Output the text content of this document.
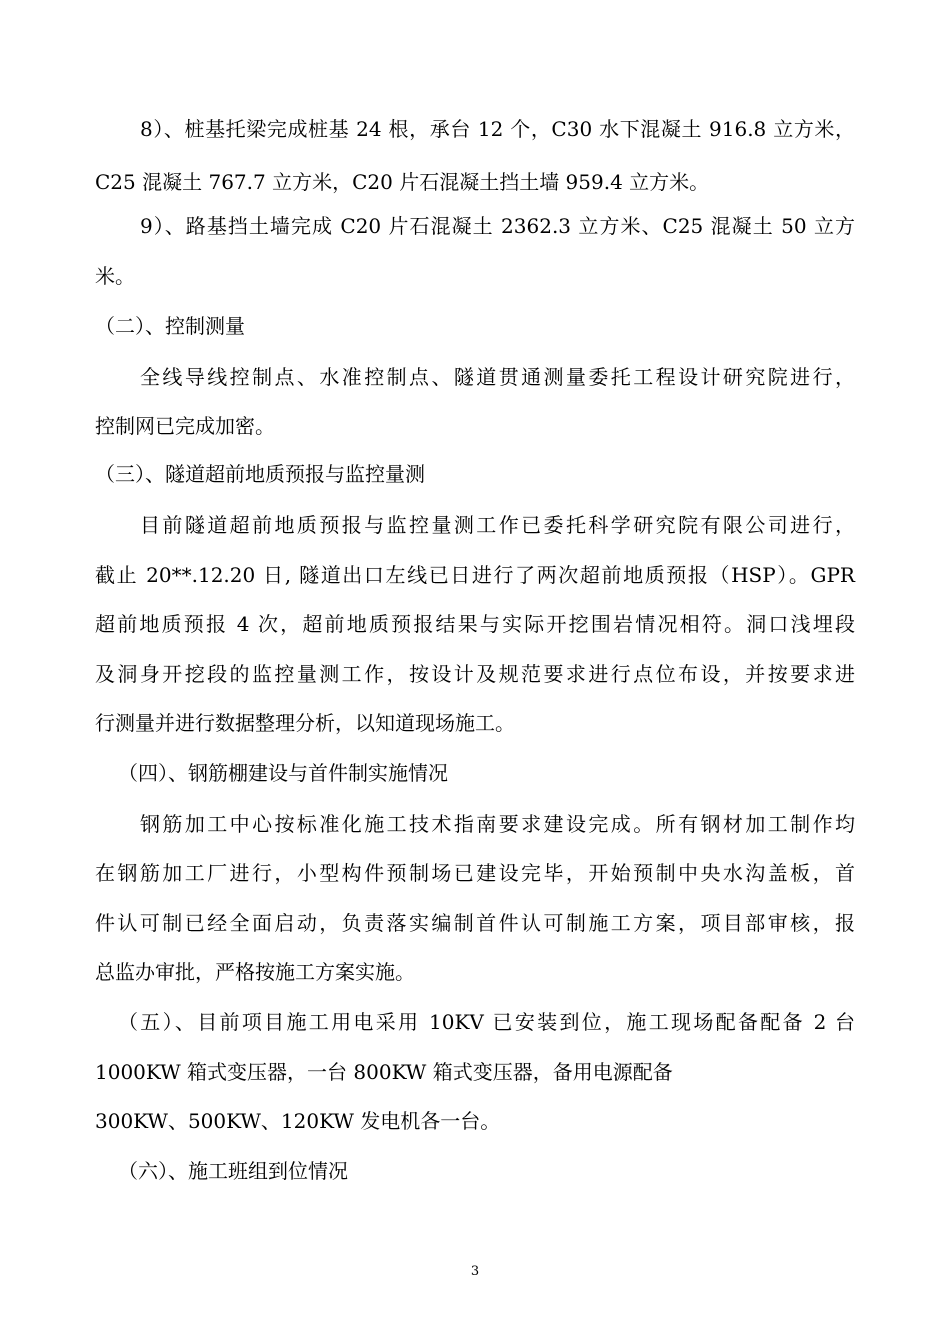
8）、桩基托梁完成桩基 24 根，承台 12 个，C30 水下混凝土 916.8 立方米，
C25 混凝土 767.7 立方米，C20 片石混凝土挡土墙 959.4 立方米。
9）、路基挡土墙完成 C20 片石混凝土 2362.3 立方米、C25 混凝土 50 立方
米。
（二）、控制测量
全线导线控制点、水准控制点、隧道贯通测量委托工程设计研究院进行，
控制网已完成加密。
（三）、隧道超前地质预报与监控量测
目前隧道超前地质预报与监控量测工作已委托科学研究院有限公司进行，
截止 20**.12.20 日, 隧道出口左线已日进行了两次超前地质预报（HSP）。GPR
超前地质预报 4 次，超前地质预报结果与实际开挖围岩情况相符。洞口浅埋段
及洞身开挖段的监控量测工作，按设计及规范要求进行点位布设，并按要求进
行测量并进行数据整理分析，以知道现场施工。
（四）、钢筋棚建设与首件制实施情况
钢筋加工中心按标准化施工技术指南要求建设完成。所有钢材加工制作均
在钢筋加工厂进行，小型构件预制场已建设完毕，开始预制中央水沟盖板，首
件认可制已经全面启动，负责落实编制首件认可制施工方案，项目部审核，报
总监办审批，严格按施工方案实施。
（五）、目前项目施工用电采用 10KV 已安装到位，施工现场配备配备 2 台
1000KW 箱式变压器，一台 800KW 箱式变压器，备用电源配备
300KW、500KW、120KW 发电机各一台。
（六）、施工班组到位情况
3
